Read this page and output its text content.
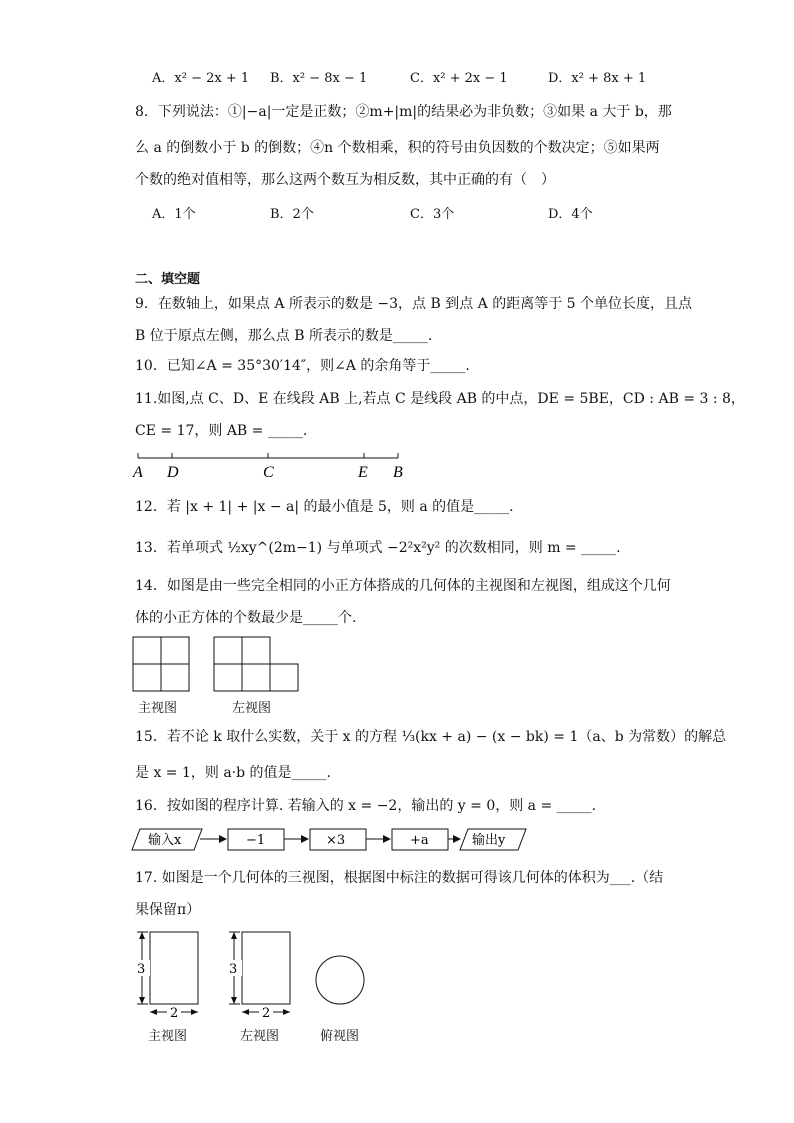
A．x² − 2x + 1 B．x² − 8x − 1	C．x² + 2x − 1	D．x² + 8x + 1
8．下列说法：①|−a|一定是正数；②m+|m|的结果必为非负数；③如果 a 大于 b，那
么 a 的倒数小于 b 的倒数；④n 个数相乘，积的符号由负因数的个数决定；⑤如果两
个数的绝对值相等，那么这两个数互为相反数，其中正确的有（　）
A．1个	B．2个	C．3个	D．4个
二、填空题
9．在数轴上，如果点 A 所表示的数是 −3，点 B 到点 A 的距离等于 5 个单位长度，且点
B 位于原点左侧，那么点 B 所表示的数是_____.
10．已知∠A = 35°30′14″，则∠A 的余角等于_____.
11.如图,点 C、D、E 在线段 AB 上,若点 C 是线段 AB 的中点，DE = 5BE，CD : AB = 3 : 8，
CE = 17，则 AB = _____.
A D	C	E B
12．若 |x + 1| + |x − a| 的最小值是 5，则 a 的值是_____.
13．若单项式 ½xy^(2m−1) 与单项式 −2²x²y² 的次数相同，则 m = _____.
14．如图是由一些完全相同的小正方体搭成的几何体的主视图和左视图，组成这个几何
体的小正方体的个数最少是_____个.
主视图	左视图
15．若不论 k 取什么实数，关于 x 的方程 ⅓(kx + a) − (x − bk) = 1（a、b 为常数）的解总
是 x = 1，则 a·b 的值是_____.
16．按如图的程序计算. 若输入的 x = −2，输出的 y = 0，则 a = _____.
输入x	−1	×3	+a	输出y
17. 如图是一个几何体的三视图，根据图中标注的数据可得该几何体的体积为___.（结
果保留π）
3
2
主视图
3
2
左视图	俯视图
